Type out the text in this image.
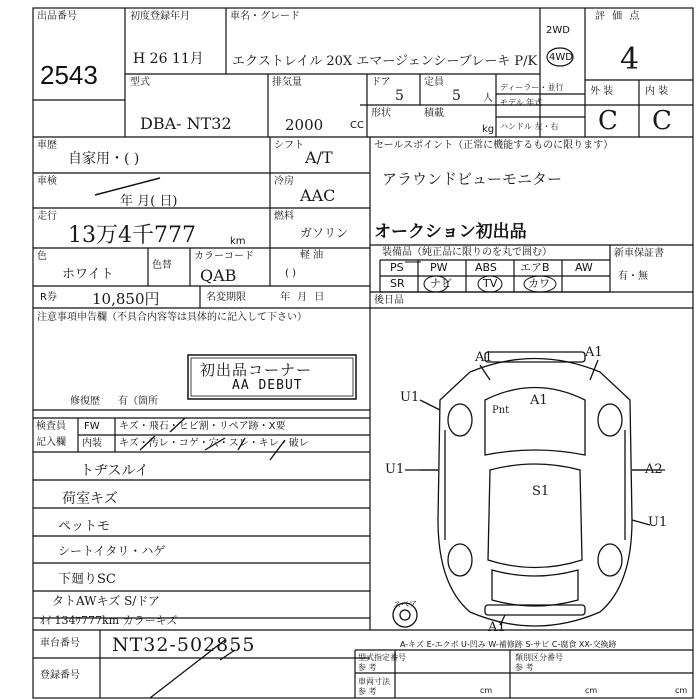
出品番号
2543
初度登録年月
H 26 11月
車名・グレード
エクストレイル 20X エマージェンシーブレーキ P/K
2WD
4WD
評 価 点
4
外 装	内 装
C C
型式
DBA- NT32
排気量
2000	CC
ドア
5
定員
5 人
形状	積載
kg
ディーラー・並行
モデル 年式
ハンドル 左・右
車歴
自家用・( )
車検
年 月( 日)
走行
13万4千777	km
色
ホワイト
色替
カラーコード
QAB
R券 10,850円	名変期限	年 月 日
シフト
A/T
冷房
AAC
燃料
ガソリン
軽 油
( )
セールスポイント（正常に機能するものに限ります）
アラウンドビューモニター
オークション初出品
装備品（純正品に限りのを丸で囲む）	新車保証書
有・無
後日品
PS PW ABS エアB AW
SR ナビ	TV	カワ
注意事項申告欄（不具合内容等は具体的に記入して下さい）
初出品コーナー
AA DEBUT
修復歴 有（箇所
検査員
記入欄
FW キズ・飛石・ヒビ割・リペア跡・X要
内装 キズ・汚レ・コゲ・穴・スレ・キレ・破レ
トヂスルイ
荷室キズ
ペットモ
シートイタリ・ハゲ
下廻りSC
タトAWキズ S/ドア
ｵｲ 134ﾜ777km カラーキズ
A1	A1
U1	A1
Pnt
U1	A2
S1
U1
A1
スペア
A-キズ E-エクボ U-凹み W-補修跡 S-サビ C-腐食 XX-交換跡
車台番号 NT32-502855
登録番号
型式指定番号
参 考
類別区分番号
参 考
車両寸法
参 考	cm	cm	cm
